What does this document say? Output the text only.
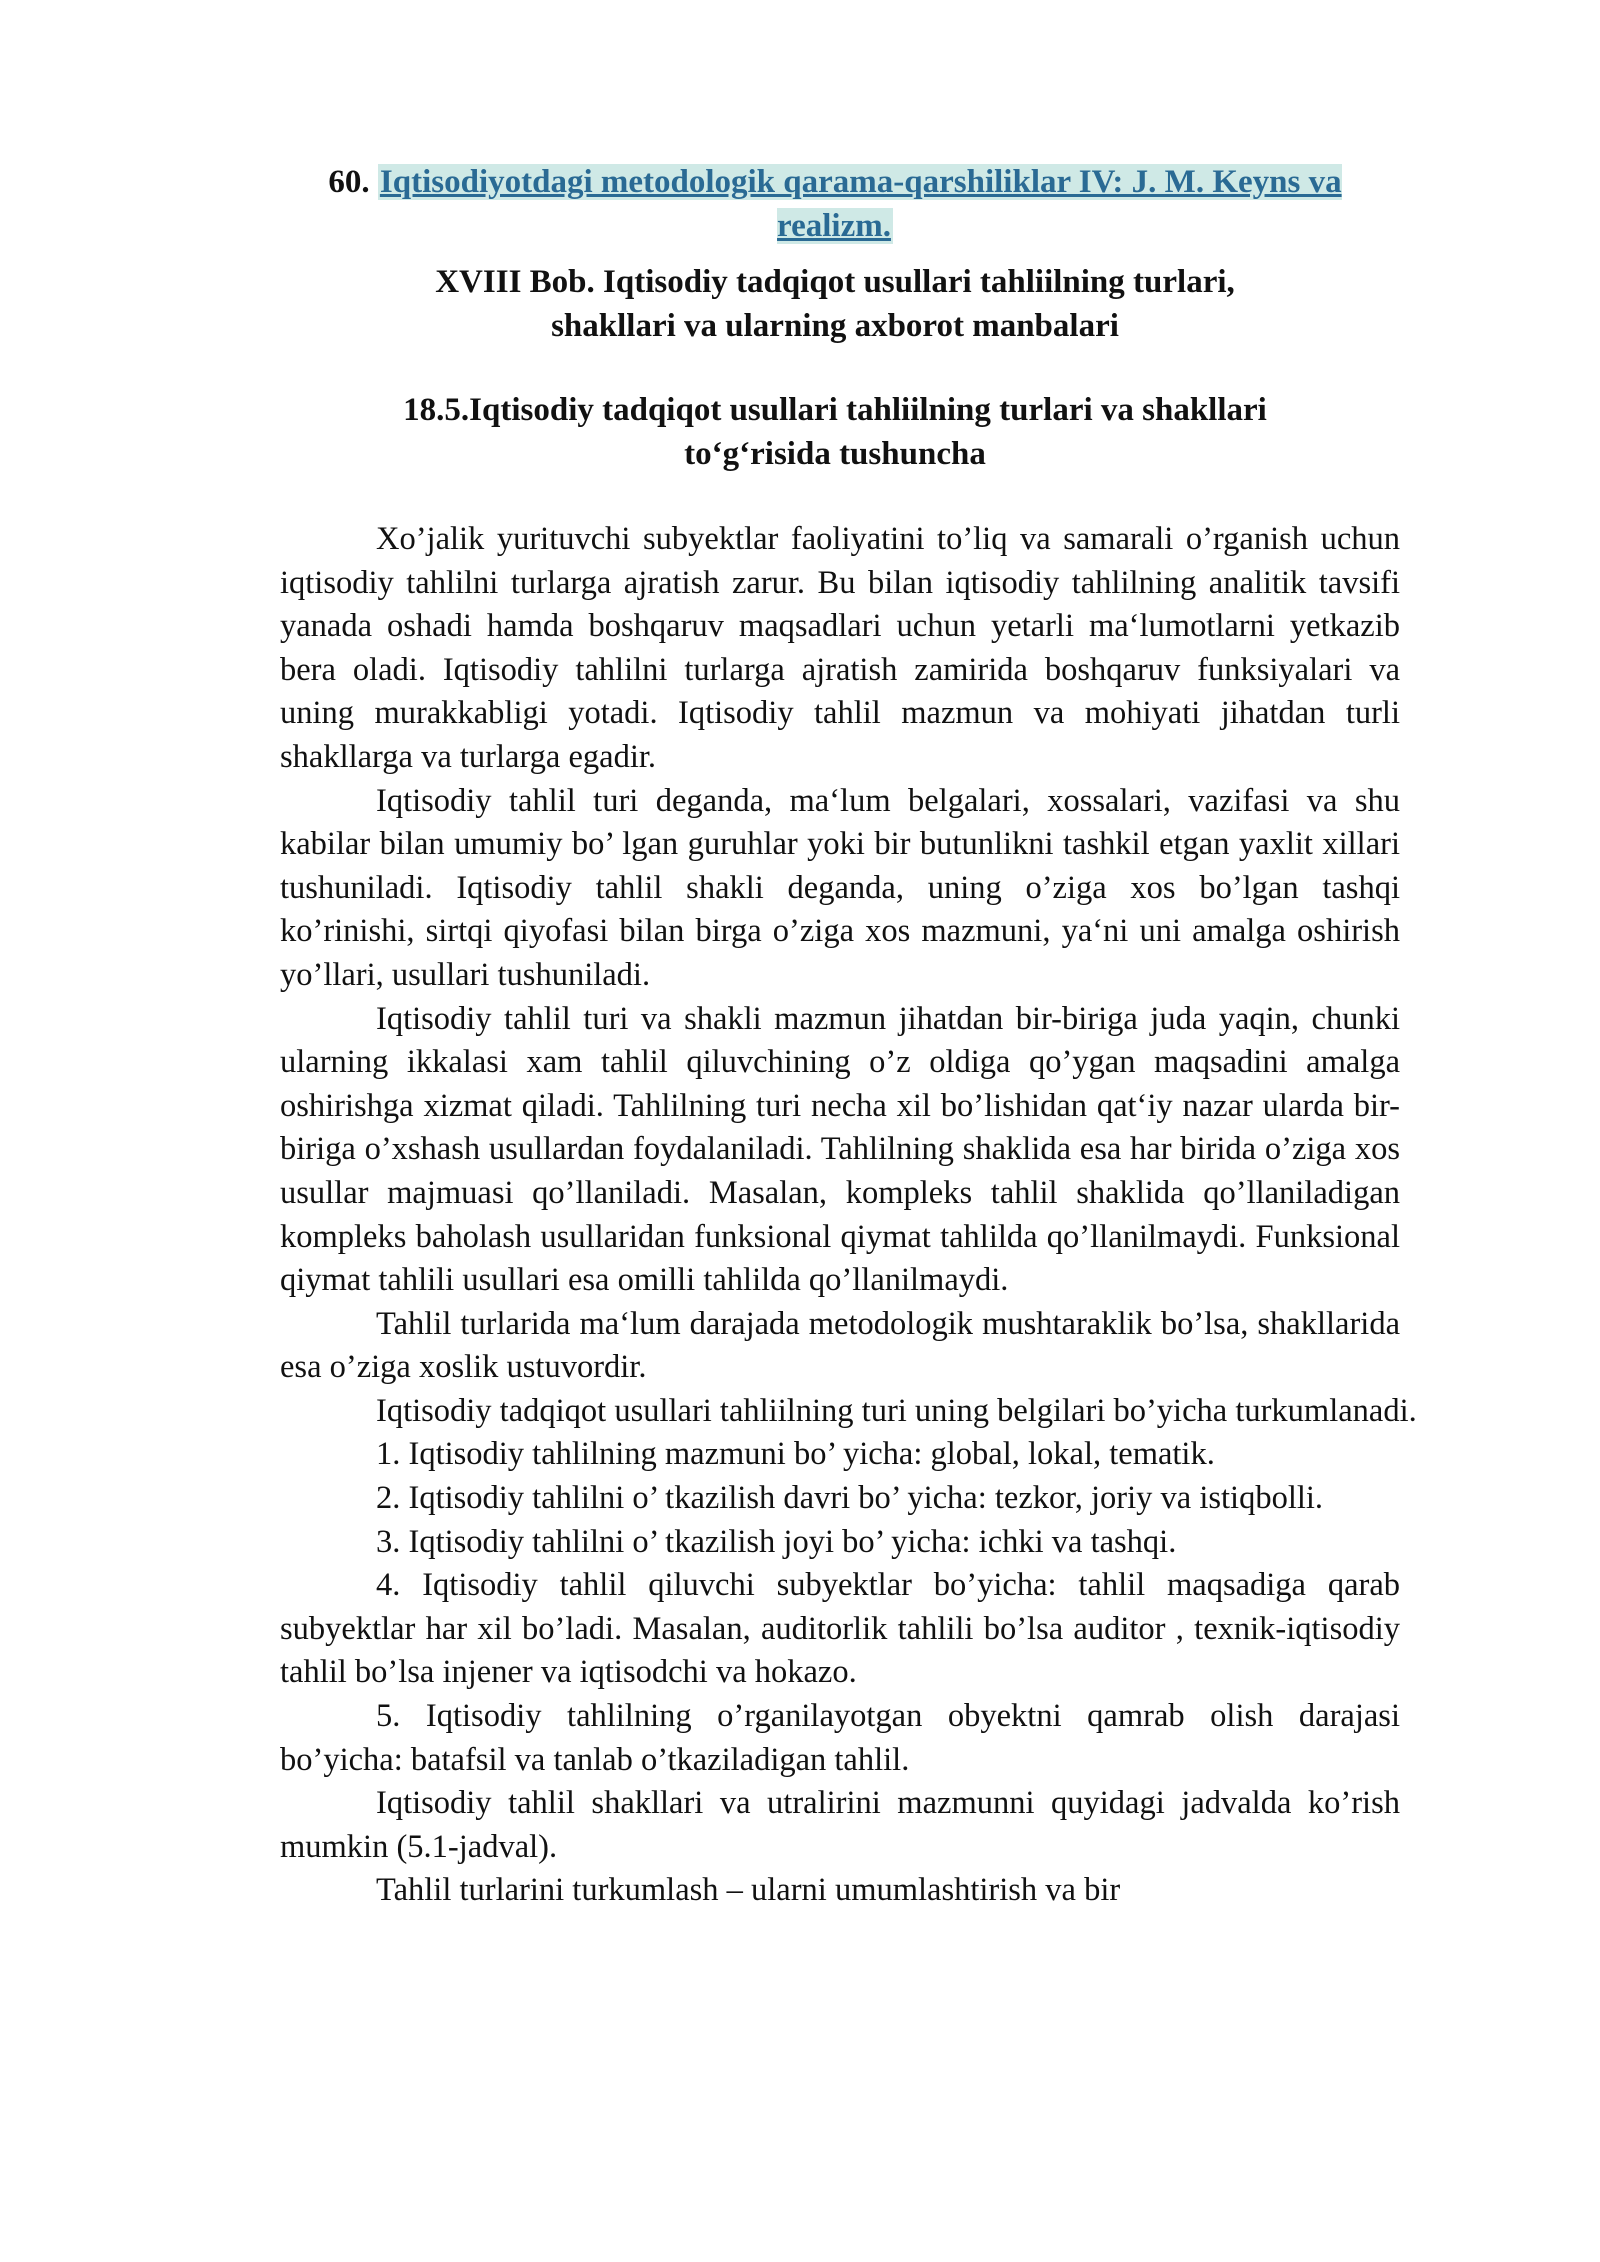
60. Iqtisodiyotdagi metodologik qarama-qarshiliklar IV: J. M. Keyns va realizm.
XVIII Bob. Iqtisodiy tadqiqot usullari tahliilning turlari,
shakllari va ularning axborot manbalari
18.5.Iqtisodiy tadqiqot usullari tahliilning turlari va shakllari
to‘g‘risida tushuncha

Xo’jalik yurituvchi subyektlar faoliyatini to’liq va samarali o’rganish uchun iqtisodiy tahlilni turlarga ajratish zarur. Bu bilan iqtisodiy tahlilning analitik tavsifi yanada oshadi hamda boshqaruv maqsadlari uchun yetarli ma‘lumotlarni yetkazib bera oladi. Iqtisodiy tahlilni turlarga ajratish zamirida boshqaruv funksiyalari va uning murakkabligi yotadi. Iqtisodiy tahlil mazmun va mohiyati jihatdan turli shakllarga va turlarga egadir.

Iqtisodiy tahlil turi deganda, ma‘lum belgalari, xossalari, vazifasi va shu kabilar bilan umumiy bo’ lgan guruhlar yoki bir butunlikni tashkil etgan yaxlit xillari tushuniladi. Iqtisodiy tahlil shakli deganda, uning o’ziga xos bo’lgan tashqi ko’rinishi, sirtqi qiyofasi bilan birga o’ziga xos mazmuni, ya‘ni uni amalga oshirish yo’llari, usullari tushuniladi.

Iqtisodiy tahlil turi va shakli mazmun jihatdan bir-biriga juda yaqin, chunki ularning ikkalasi xam tahlil qiluvchining o’z oldiga qo’ygan maqsadini amalga oshirishga xizmat qiladi. Tahlilning turi necha xil bo’lishidan qat‘iy nazar ularda bir- biriga o’xshash usullardan foydalaniladi. Tahlilning shaklida esa har birida o’ziga xos usullar majmuasi qo’llaniladi. Masalan, kompleks tahlil shaklida qo’llaniladigan kompleks baholash usullaridan funksional qiymat tahlilda qo’llanilmaydi. Funksional qiymat tahlili usullari esa omilli tahlilda qo’llanilmaydi.

Tahlil turlarida ma‘lum darajada metodologik mushtaraklik bo’lsa, shakllarida esa o’ziga xoslik ustuvordir.

Iqtisodiy tadqiqot usullari tahliilning turi uning belgilari bo’yicha turkumlanadi.

1. Iqtisodiy tahlilning mazmuni bo’ yicha: global, lokal, tematik.

2. Iqtisodiy tahlilni o’ tkazilish davri bo’ yicha: tezkor, joriy va istiqbolli.

3. Iqtisodiy tahlilni o’ tkazilish joyi bo’ yicha: ichki va tashqi.

4. Iqtisodiy tahlil qiluvchi subyektlar bo’yicha: tahlil maqsadiga qarab subyektlar har xil bo’ladi. Masalan, auditorlik tahlili bo’lsa auditor , texnik-iqtisodiy tahlil bo’lsa injener va iqtisodchi va hokazo.

5. Iqtisodiy tahlilning o’rganilayotgan obyektni qamrab olish darajasi bo’yicha: batafsil va tanlab o’tkaziladigan tahlil.

Iqtisodiy tahlil shakllari va utralirini mazmunni quyidagi jadvalda ko’rish mumkin (5.1-jadval).

Tahlil turlarini turkumlash – ularni umumlashtirish va bir
